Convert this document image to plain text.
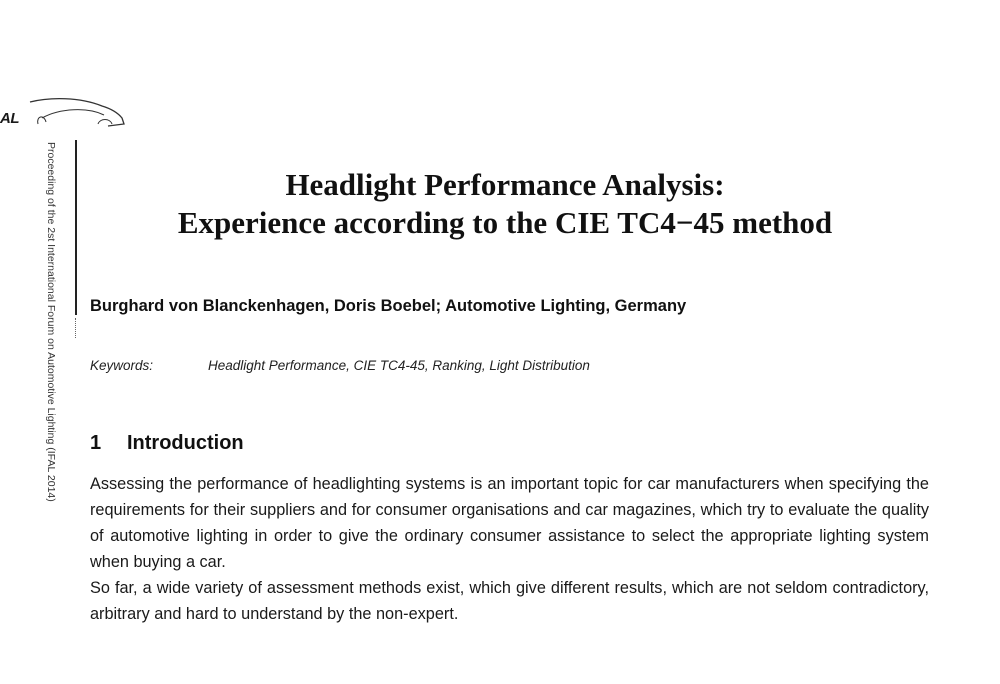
AL
Proceeding of the 2st International Forum on Automotive Lighting (IFAL 2014)	Headlight Performance Analysis:
Experience according to the CIE TC4−45 method
Burghard von Blanckenhagen, Doris Boebel; Automotive Lighting, Germany
Keywords:	Headlight Performance, CIE TC4-45, Ranking, Light Distribution
1 Introduction

Assessing the performance of headlighting systems is an important topic for car manufacturers when specifying the requirements for their suppliers and for consumer organisations and car magazines, which try to evaluate the quality of automotive lighting in order to give the ordinary consumer assistance to select the appropriate lighting system when buying a car.

So far, a wide variety of assessment methods exist, which give different results, which are not seldom contradictory, arbitrary and hard to understand by the non-expert.
